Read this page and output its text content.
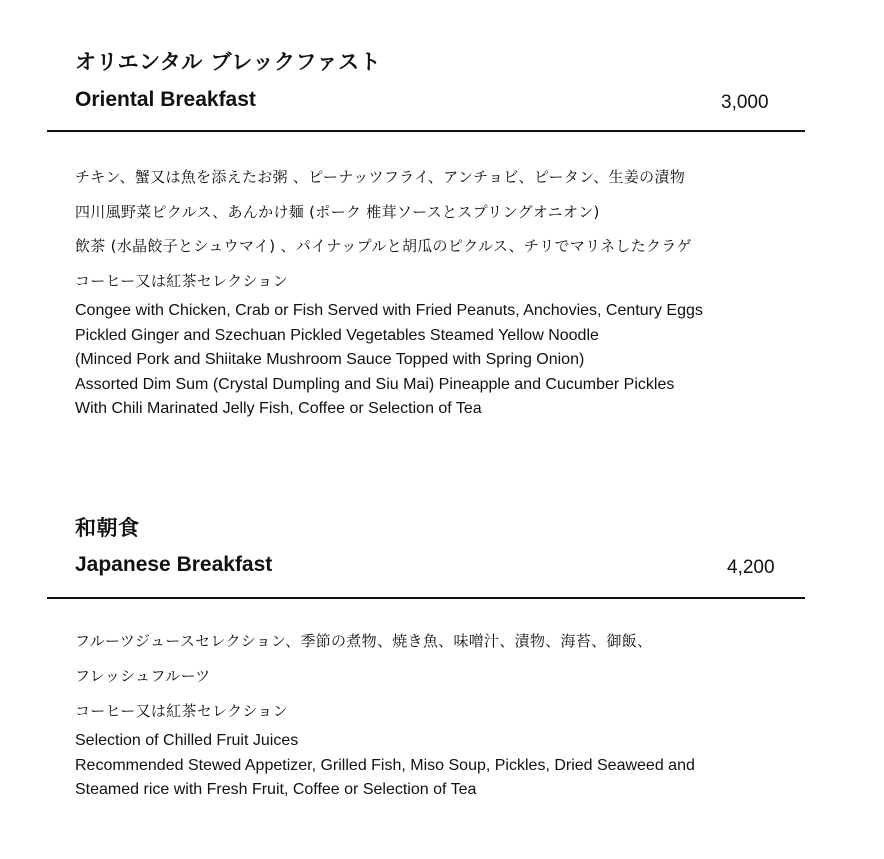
オリエンタル ブレックファスト
Oriental Breakfast	3,000
チキン、蟹又は魚を添えたお粥 、ピーナッツフライ、アンチョビ、ピータン、生姜の漬物
四川風野菜ピクルス、あんかけ麺 (ポーク 椎茸ソースとスプリングオニオン)
飲茶 (水晶餃子とシュウマイ) 、パイナップルと胡瓜のピクルス、チリでマリネしたクラゲ
コーヒー又は紅茶セレクション
Congee with Chicken, Crab or Fish Served with Fried Peanuts, Anchovies, Century Eggs
Pickled Ginger and Szechuan Pickled Vegetables Steamed Yellow Noodle
(Minced Pork and Shiitake Mushroom Sauce Topped with Spring Onion)
Assorted Dim Sum (Crystal Dumpling and Siu Mai) Pineapple and Cucumber Pickles
With Chili Marinated Jelly Fish, Coffee or Selection of Tea
和朝食
Japanese Breakfast	4,200
フルーツジュースセレクション、季節の煮物、焼き魚、味噌汁、漬物、海苔、御飯、
フレッシュフルーツ
コーヒー又は紅茶セレクション
Selection of Chilled Fruit Juices
Recommended Stewed Appetizer, Grilled Fish, Miso Soup, Pickles, Dried Seaweed and
Steamed rice with Fresh Fruit, Coffee or Selection of Tea
